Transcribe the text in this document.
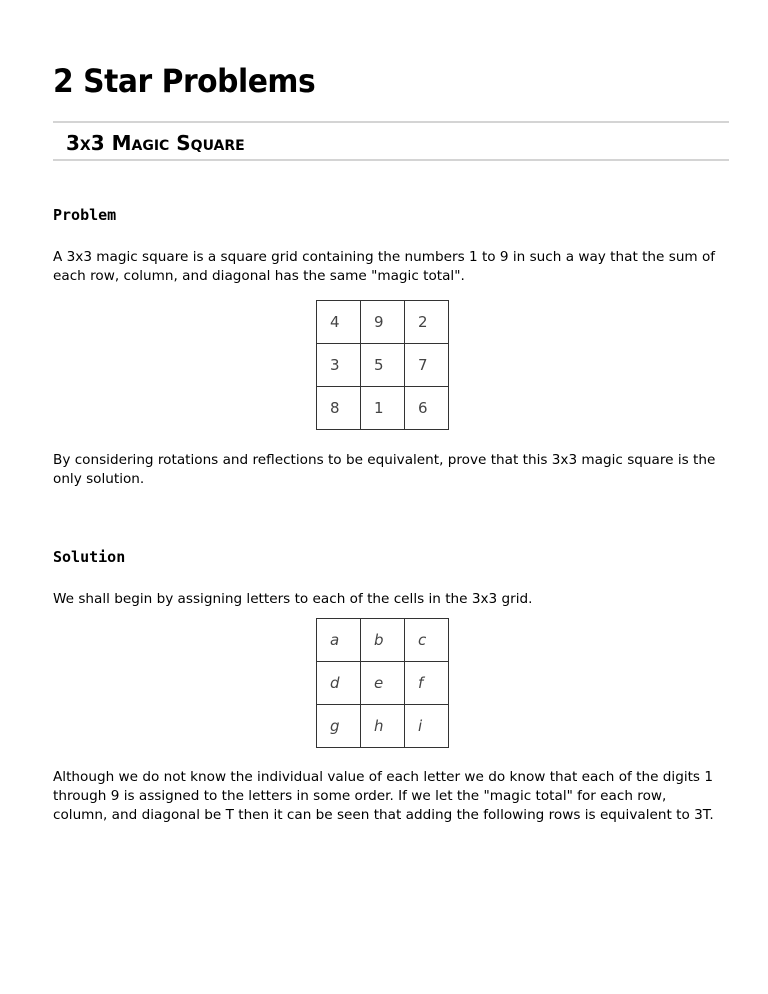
2 Star Problems
3x3 Magic Square
Problem

A 3x3 magic square is a square grid containing the numbers 1 to 9 in such a way that the sum of each row, column, and diagonal has the same "magic total".

4	9	2
3	5	7
8	1	6

By considering rotations and reflections to be equivalent, prove that this 3x3 magic square is the only solution.

Solution

We shall begin by assigning letters to each of the cells in the 3x3 grid.

a	b	c
d	e	f
g	h	i

Although we do not know the individual value of each letter we do know that each of the digits 1 through 9 is assigned to the letters in some order. If we let the "magic total" for each row, column, and diagonal be T then it can be seen that adding the following rows is equivalent to 3T.
